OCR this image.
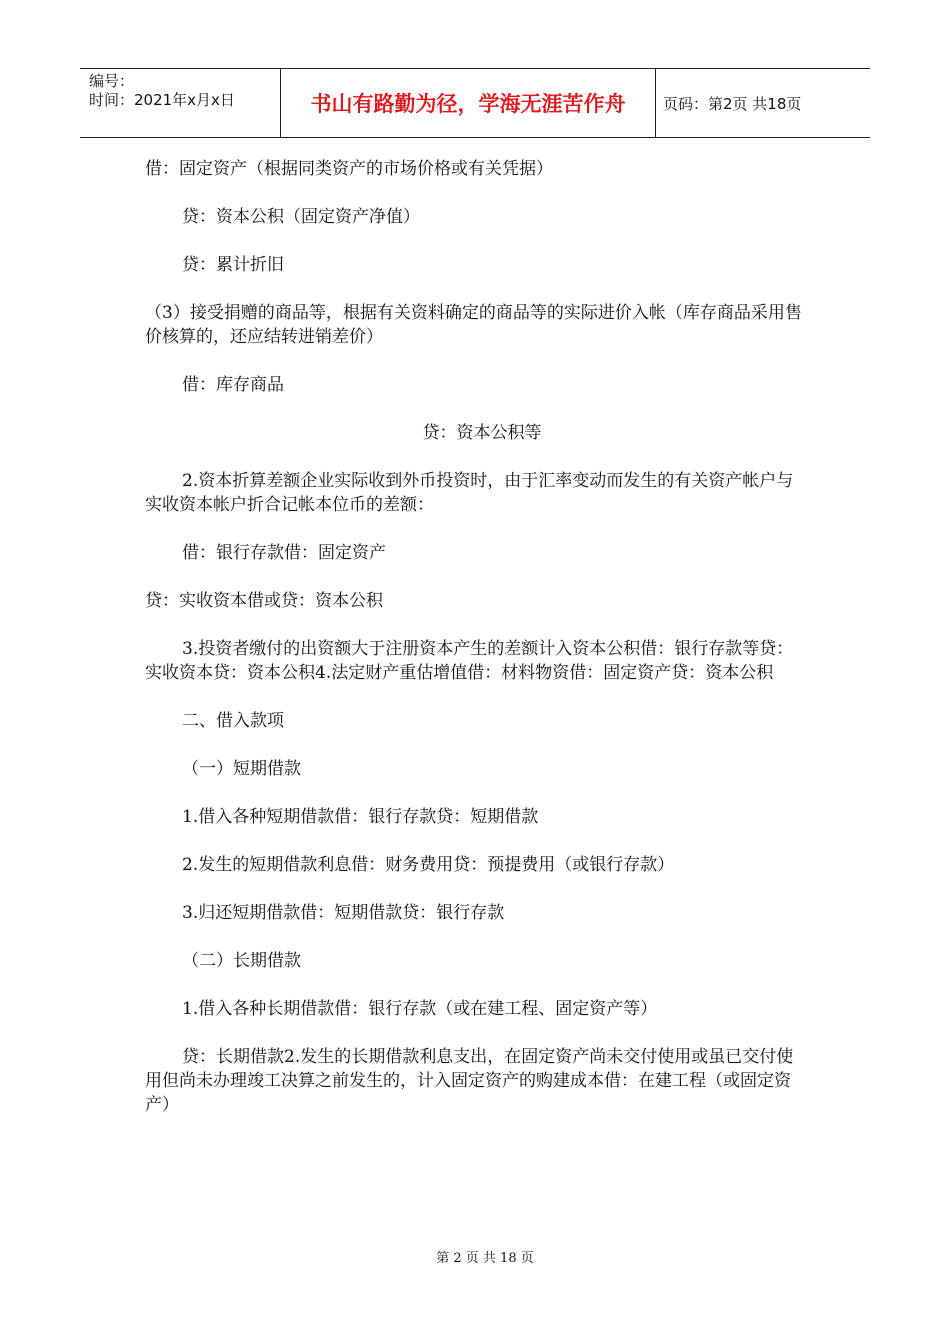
编号：
时间：2021年x月x日	书山有路勤为径，学海无涯苦作舟	页码：第2页 共18页

借：固定资产（根据同类资产的市场价格或有关凭据）

贷：资本公积（固定资产净值）

贷：累计折旧

（3）接受捐赠的商品等，根据有关资料确定的商品等的实际进价入帐（库存商品采用售价核算的，还应结转进销差价）

借：库存商品

贷：资本公积等

2.资本折算差额企业实际收到外币投资时，由于汇率变动而发生的有关资产帐户与实收资本帐户折合记帐本位币的差额：

借：银行存款借：固定资产

贷：实收资本借或贷：资本公积

3.投资者缴付的出资额大于注册资本产生的差额计入资本公积借：银行存款等贷：实收资本贷：资本公积4.法定财产重估增值借：材料物资借：固定资产贷：资本公积

二、借入款项

（一）短期借款

1.借入各种短期借款借：银行存款贷：短期借款

2.发生的短期借款利息借：财务费用贷：预提费用（或银行存款）

3.归还短期借款借：短期借款贷：银行存款

（二）长期借款

1.借入各种长期借款借：银行存款（或在建工程、固定资产等）

贷：长期借款2.发生的长期借款利息支出，在固定资产尚未交付使用或虽已交付使用但尚未办理竣工决算之前发生的，计入固定资产的购建成本借：在建工程（或固定资产）

第 2 页 共 18 页
